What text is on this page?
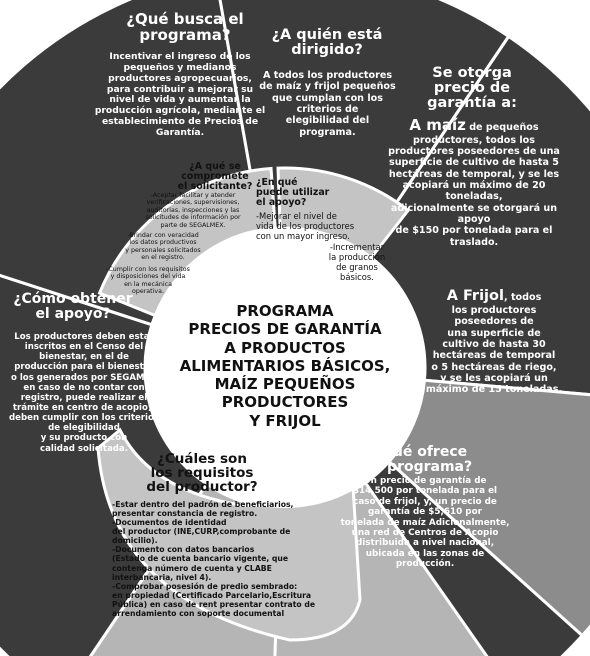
PROGRAMA
PRECIOS DE GARANTÍA
A PRODUCTOS
ALIMENTARIOS BÁSICOS,
MAÍZ PEQUEÑOS
PRODUCTORES
Y FRIJOL
¿Qué busca el
programa?
Incentivar el ingreso de los
pequeños y medianos
productores agropecuarios,
para contribuir a mejorar su
nivel de vida y aumentar la
producción agrícola, mediante el
establecimiento de Precios de Garantía.
¿A quién está
dirigido?
A todos los productores
de maíz y frijol pequeños
que cumplan con los
criterios de
elegibilidad del
programa.
Se otorga
precio de
garantía a:
A maíz de pequeños
productores, todos los
productores poseedores de una
superficie de cultivo de hasta 5
hectáreas de temporal, y se les
acopiará un máximo de 20 toneladas,
adicionalmente se otorgará un apoyo
de $150 por tonelada para el
traslado.
A Frijol, todos
los productores
poseedores de
una superficie de
cultivo de hasta 30
hectáreas de temporal
o 5 hectáreas de riego,
y se les acopiará un
máximo de 15 toneladas.
¿Qué ofrece
el programa?
Un precio de garantía de
$14,500 por tonelada para el
caso de frijol, y, un precio de
garantía de $5,610 por
tonelada de maíz Adicionalmente,
una red de Centros de Acopio
distribuida a nivel nacional,
ubicada en las zonas de
producción.
¿Cuáles son
los requisitos
del productor?
-Estar dentro del padrón de beneficiarios,
presentar constancia de registro.
-Documentos de identidad
del productor (INE,CURP,comprobante de
domicilio).
-Documento con datos bancarios
(Estado de cuenta bancario vigente, que
contenga número de cuenta y CLABE
interbancaria, nivel 4).
-Comprobar posesión de predio sembrado:
en propiedad (Certificado Parcelario,Escritura
Pública) en caso de rent presentar contrato de
arrendamiento con soporte documental
¿Cómo obtener
el apoyo?
Los productores deben estar
inscritos en el Censo del
bienestar, en el de
producción para el bienestar
o los generados por SEGAMEX
en caso de no contar con
registro, puede realizar el
trámite en centro de acopio),
deben cumplir con los criterios
de elegibilidad
y su producto con
calidad solicitada.
¿A qué se
compromete
el solicitante?
-Aceptar facilitar y atender
verificaciones, supervisiones,
auditorias, inspecciones y las
solicitudes de información por
parte de SEGALMEX.
-Brindar con veracidad
los datos productivos
y personales solicitados
en el registro.
-Cumplir con los requisitos
y disposiciones del vida
en la mecánica
operativa.
¿En qué
puede utilizar
el apoyo?
-Mejorar el nivel de
vida de los productores
con un mayor ingreso.
-Incrementar
la producción
de granos
básicos.
